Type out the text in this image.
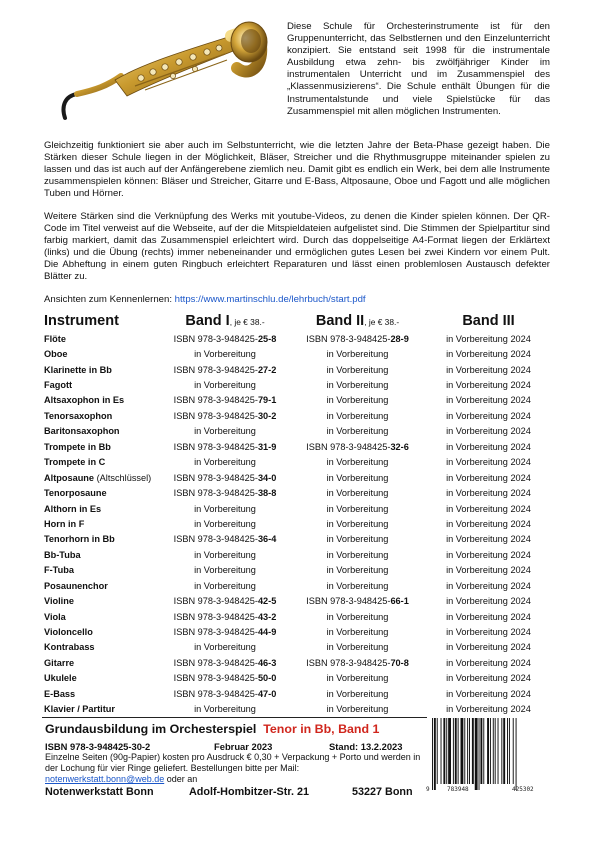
Diese Schule für Orchesterinstrumente ist für den Gruppenunterricht, das Selbstlernen und den Einzelunterricht konzipiert. Sie entstand seit 1998 für die instrumentale Ausbildung etwa zehn- bis zwölfjähriger Kinder im instrumentalen Unterricht und im Zusammenspiel des „Klassenmusizierens“. Die Schule enthält Übungen für die Instrumentalstunde und viele Spielstücke für das Zusammenspiel mit allen möglichen Instrumenten.

Gleichzeitig funktioniert sie aber auch im Selbstunterricht, wie die letzten Jahre der Beta-Phase gezeigt haben. Die Stärken dieser Schule liegen in der Möglichkeit, Bläser, Streicher und die Rhythmusgruppe miteinander spielen zu lassen und das ist auch auf der Anfängerebene ziemlich neu. Damit gibt es endlich ein Werk, bei dem alle Instrumente zusammenspielen können: Bläser und Streicher, Gitarre und E-Bass, Altposaune, Oboe und Fagott und alle möglichen Tuben und Hörner.

Weitere Stärken sind die Verknüpfung des Werks mit youtube-Videos, zu denen die Kinder spielen können. Der QR-Code im Titel verweist auf die Webseite, auf der die Mitspieldateien aufgelistet sind. Die Stimmen der Spielpartitur sind farbig markiert, damit das Zusammenspiel erleichtert wird. Durch das doppelseitige A4-Format liegen der Erklärtext (links) und die Übung (rechts) immer nebeneinander und ermöglichen gutes Lesen bei zwei Kindern vor einem Pult. Die Abheftung in einem guten Ringbuch erleichtert Reparaturen und lässt einen problemlosen Austausch defekter Blätter zu.

Ansichten zum Kennenlernen: https://www.martinschlu.de/lehrbuch/start.pdf
Instrument	Band I, je € 38.-	Band II, je € 38.-	Band III
Flöte	ISBN 978-3-948425-25-8	ISBN 978-3-948425-28-9	in Vorbereitung 2024
Oboe	in Vorbereitung	in Vorbereitung	in Vorbereitung 2024
Klarinette in Bb	ISBN 978-3-948425-27-2	in Vorbereitung	in Vorbereitung 2024
Fagott	in Vorbereitung	in Vorbereitung	in Vorbereitung 2024
Altsaxophon in Es	ISBN 978-3-948425-79-1	in Vorbereitung	in Vorbereitung 2024
Tenorsaxophon	ISBN 978-3-948425-30-2	in Vorbereitung	in Vorbereitung 2024
Baritonsaxophon	in Vorbereitung	in Vorbereitung	in Vorbereitung 2024
Trompete in Bb	ISBN 978-3-948425-31-9	ISBN 978-3-948425-32-6	in Vorbereitung 2024
Trompete in C	in Vorbereitung	in Vorbereitung	in Vorbereitung 2024
Altposaune (Altschlüssel)	ISBN 978-3-948425-34-0	in Vorbereitung	in Vorbereitung 2024
Tenorposaune	ISBN 978-3-948425-38-8	in Vorbereitung	in Vorbereitung 2024
Althorn in Es	in Vorbereitung	in Vorbereitung	in Vorbereitung 2024
Horn in F	in Vorbereitung	in Vorbereitung	in Vorbereitung 2024
Tenorhorn in Bb	ISBN 978-3-948425-36-4	in Vorbereitung	in Vorbereitung 2024
Bb-Tuba	in Vorbereitung	in Vorbereitung	in Vorbereitung 2024
F-Tuba	in Vorbereitung	in Vorbereitung	in Vorbereitung 2024
Posaunenchor	in Vorbereitung	in Vorbereitung	in Vorbereitung 2024
Violine	ISBN 978-3-948425-42-5	ISBN 978-3-948425-66-1	in Vorbereitung 2024
Viola	ISBN 978-3-948425-43-2	in Vorbereitung	in Vorbereitung 2024
Violoncello	ISBN 978-3-948425-44-9	in Vorbereitung	in Vorbereitung 2024
Kontrabass	in Vorbereitung	in Vorbereitung	in Vorbereitung 2024
Gitarre	ISBN 978-3-948425-46-3	ISBN 978-3-948425-70-8	in Vorbereitung 2024
Ukulele	ISBN 978-3-948425-50-0	in Vorbereitung	in Vorbereitung 2024
E-Bass	ISBN 978-3-948425-47-0	in Vorbereitung	in Vorbereitung 2024
Klavier / Partitur	in Vorbereitung	in Vorbereitung	in Vorbereitung 2024
Grundausbildung im Orchesterspiel Tenor in Bb, Band 1
ISBN 978-3-948425-30-2	Februar 2023	Stand: 13.2.2023

Einzelne Seiten (90g-Papier) kosten pro Ausdruck € 0,30 + Verpackung + Porto und werden in der Lochung für vier Ringe geliefert. Bestellungen bitte per Mail:

notenwerkstatt.bonn@web.de oder an

Notenwerkstatt Bonn	Adolf-Hombitzer-Str. 21	53227 Bonn 9	783948	425302
